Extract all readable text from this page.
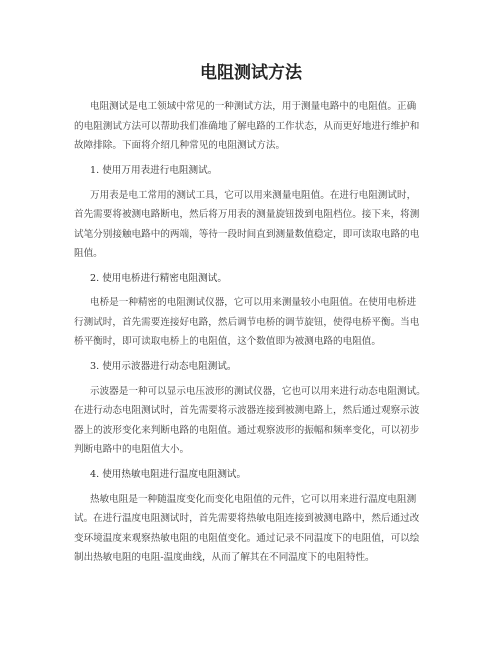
电阻测试方法
电阻测试是电工领域中常见的一种测试方法，用于测量电路中的电阻值。正确
的电阻测试方法可以帮助我们准确地了解电路的工作状态，从而更好地进行维护和
故障排除。下面将介绍几种常见的电阻测试方法。
1. 使用万用表进行电阻测试。
万用表是电工常用的测试工具，它可以用来测量电阻值。在进行电阻测试时，
首先需要将被测电路断电，然后将万用表的测量旋钮拨到电阻档位。接下来，将测
试笔分别接触电路中的两端，等待一段时间直到测量数值稳定，即可读取电路的电
阻值。
2. 使用电桥进行精密电阻测试。
电桥是一种精密的电阻测试仪器，它可以用来测量较小电阻值。在使用电桥进
行测试时，首先需要连接好电路，然后调节电桥的调节旋钮，使得电桥平衡。当电
桥平衡时，即可读取电桥上的电阻值，这个数值即为被测电路的电阻值。
3. 使用示波器进行动态电阻测试。
示波器是一种可以显示电压波形的测试仪器，它也可以用来进行动态电阻测试。
在进行动态电阻测试时，首先需要将示波器连接到被测电路上，然后通过观察示波
器上的波形变化来判断电路的电阻值。通过观察波形的振幅和频率变化，可以初步
判断电路中的电阻值大小。
4. 使用热敏电阻进行温度电阻测试。
热敏电阻是一种随温度变化而变化电阻值的元件，它可以用来进行温度电阻测
试。在进行温度电阻测试时，首先需要将热敏电阻连接到被测电路中，然后通过改
变环境温度来观察热敏电阻的电阻值变化。通过记录不同温度下的电阻值，可以绘
制出热敏电阻的电阻-温度曲线，从而了解其在不同温度下的电阻特性。
